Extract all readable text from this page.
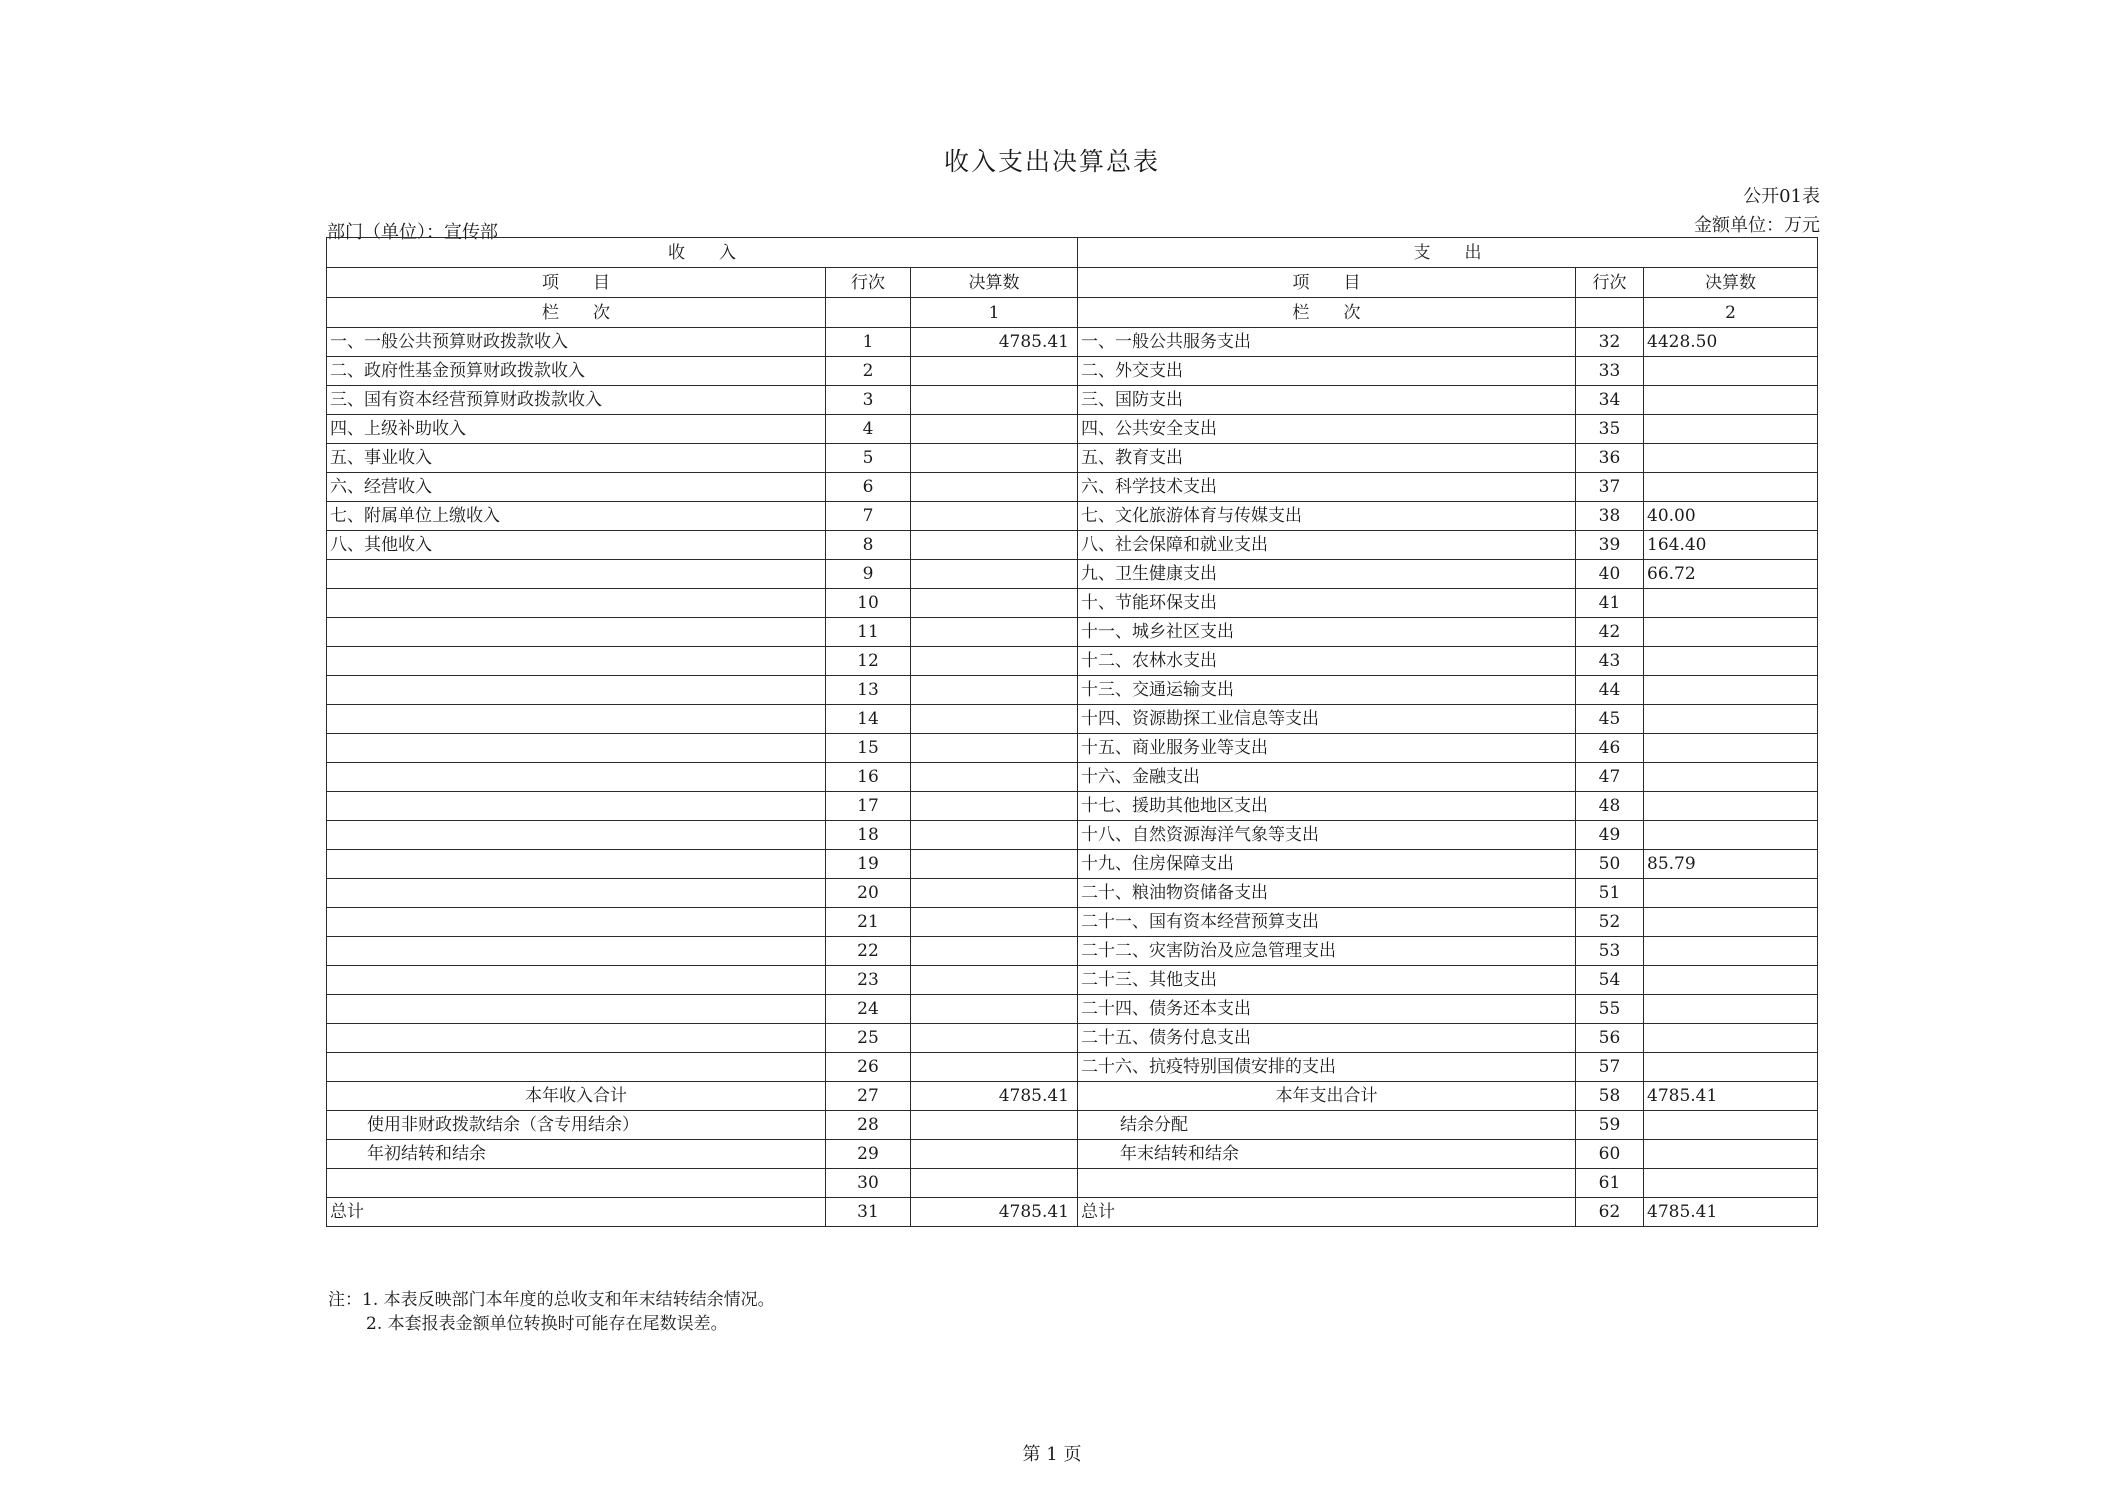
收入支出决算总表
公开01表
金额单位：万元
部门（单位）：宣传部
收　　入			支　　出		
项　　目	行次	决算数	项　　目	行次	决算数
栏　　次		1	栏　　次		2
一、一般公共预算财政拨款收入	1	4785.41	一、一般公共服务支出	32	4428.50
二、政府性基金预算财政拨款收入	2		二、外交支出	33	
三、国有资本经营预算财政拨款收入	3		三、国防支出	34	
四、上级补助收入	4		四、公共安全支出	35	
五、事业收入	5		五、教育支出	36	
六、经营收入	6		六、科学技术支出	37	
七、附属单位上缴收入	7		七、文化旅游体育与传媒支出	38	40.00
八、其他收入	8		八、社会保障和就业支出	39	164.40
	9		九、卫生健康支出	40	66.72
	10		十、节能环保支出	41	
	11		十一、城乡社区支出	42	
	12		十二、农林水支出	43	
	13		十三、交通运输支出	44	
	14		十四、资源勘探工业信息等支出	45	
	15		十五、商业服务业等支出	46	
	16		十六、金融支出	47	
	17		十七、援助其他地区支出	48	
	18		十八、自然资源海洋气象等支出	49	
	19		十九、住房保障支出	50	85.79
	20		二十、粮油物资储备支出	51	
	21		二十一、国有资本经营预算支出	52	
	22		二十二、灾害防治及应急管理支出	53	
	23		二十三、其他支出	54	
	24		二十四、债务还本支出	55	
	25		二十五、债务付息支出	56	
	26		二十六、抗疫特别国债安排的支出	57	
本年收入合计	27	4785.41	本年支出合计	58	4785.41
使用非财政拨款结余（含专用结余）	28		结余分配	59	
年初结转和结余	29		年末结转和结余	60	
	30			61	
总计	31	4785.41	总计	62	4785.41
注：1. 本表反映部门本年度的总收支和年末结转结余情况。
2. 本套报表金额单位转换时可能存在尾数误差。
第 1 页
